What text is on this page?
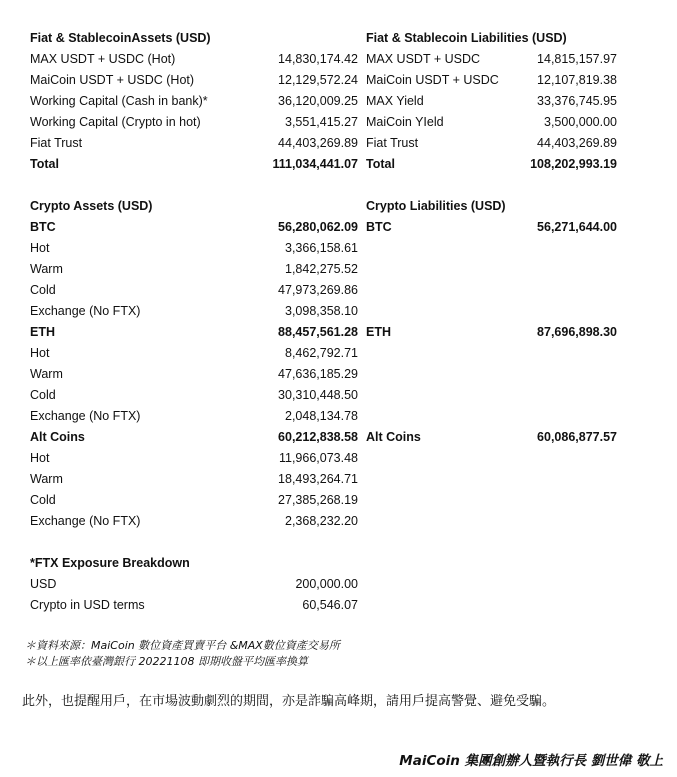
Fiat & StablecoinAssets (USD)	Fiat & Stablecoin Liabilities (USD)
MAX USDT + USDC (Hot)	14,830,174.42 MAX USDT + USDC	14,815,157.97
MaiCoin USDT + USDC (Hot)	12,129,572.24 MaiCoin USDT + USDC	12,107,819.38
Working Capital (Cash in bank)*	36,120,009.25 MAX Yield	33,376,745.95
Working Capital (Crypto in hot)	3,551,415.27 MaiCoin YIeld	3,500,000.00
Fiat Trust	44,403,269.89 Fiat Trust	44,403,269.89
Total	111,034,441.07 Total	108,202,993.19
Crypto Assets (USD)	Crypto Liabilities (USD)
BTC	56,280,062.09 BTC	56,271,644.00
Hot	3,366,158.61
Warm	1,842,275.52
Cold	47,973,269.86
Exchange (No FTX)	3,098,358.10
ETH	88,457,561.28 ETH	87,696,898.30
Hot	8,462,792.71
Warm	47,636,185.29
Cold	30,310,448.50
Exchange (No FTX)	2,048,134.78
Alt Coins	60,212,838.58 Alt Coins	60,086,877.57
Hot	11,966,073.48
Warm	18,493,264.71
Cold	27,385,268.19
Exchange (No FTX)	2,368,232.20
*FTX Exposure Breakdown
USD	200,000.00
Crypto in USD terms	60,546.07
＊資料來源：MaiCoin 數位資產買賣平台 &MAX數位資產交易所
＊以上匯率依臺灣銀行 20221108 即期收盤平均匯率換算
此外，也提醒用戶，在市場波動劇烈的期間，亦是詐騙高峰期，請用戶提高警覺、避免受騙。
MaiCoin 集團創辦人暨執行長 劉世偉 敬上
